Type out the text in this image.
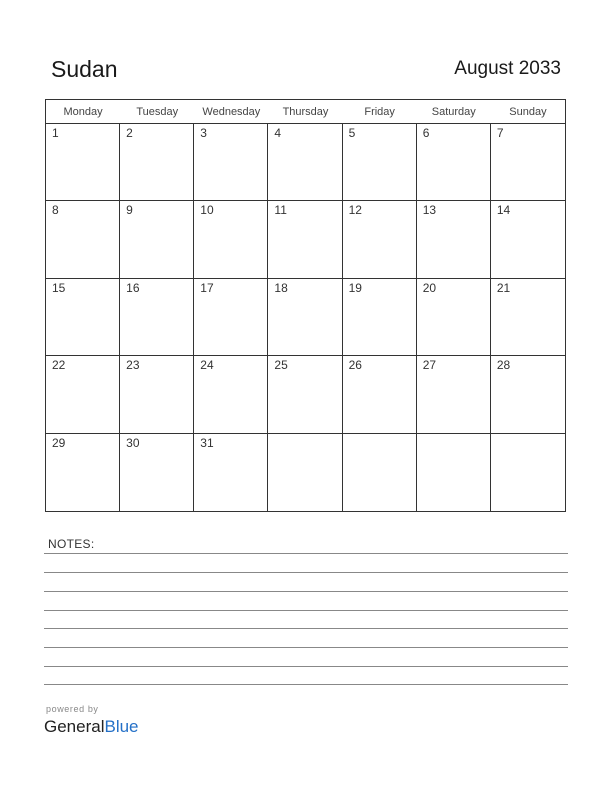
Sudan	August 2033
Monday	Tuesday	Wednesday	Thursday	Friday	Saturday	Sunday
1	2	3	4	5	6	7
8	9	10	11	12	13	14
15	16	17	18	19	20	21
22	23	24	25	26	27	28
29	30	31
NOTES:
powered by
GeneralBlue
